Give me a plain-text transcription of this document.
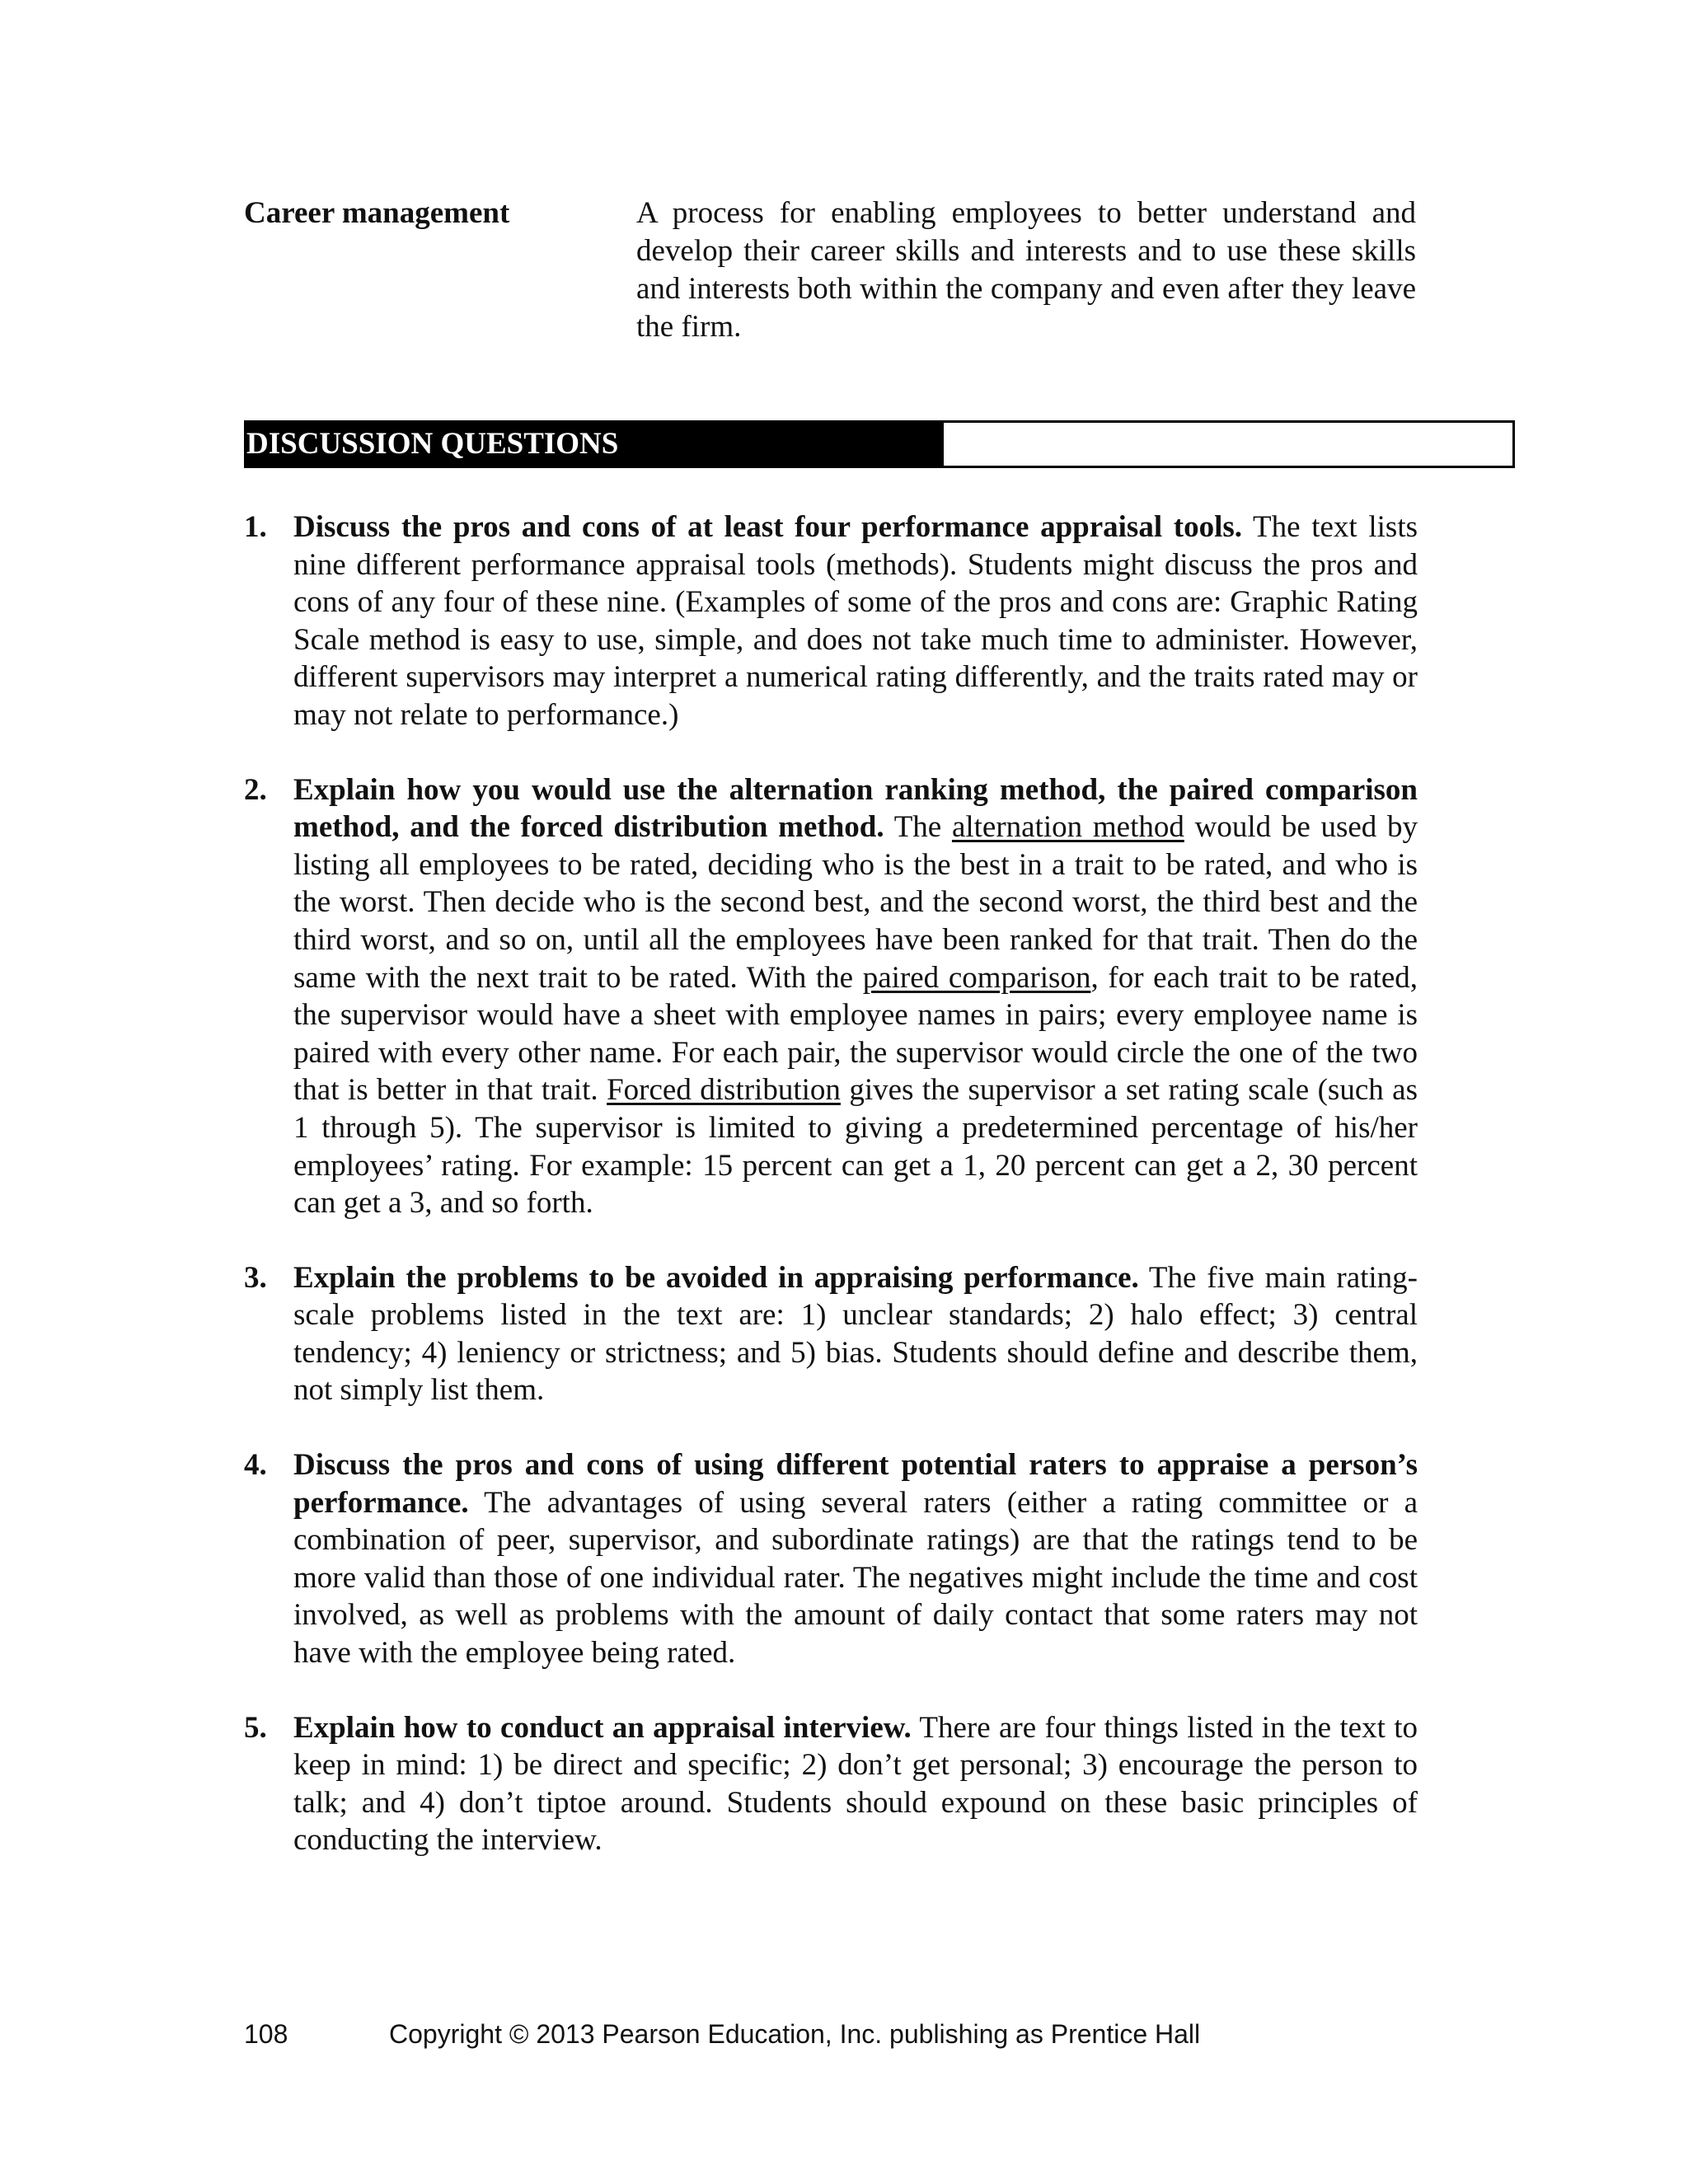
Career management	A process for enabling employees to better understand and develop their career skills and interests and to use these skills and interests both within the company and even after they leave the firm.
DISCUSSION QUESTIONS
1. Discuss the pros and cons of at least four performance appraisal tools. The text lists nine different performance appraisal tools (methods). Students might discuss the pros and cons of any four of these nine. (Examples of some of the pros and cons are: Graphic Rating Scale method is easy to use, simple, and does not take much time to administer. However, different supervisors may interpret a numerical rating differently, and the traits rated may or may not relate to performance.)
2. Explain how you would use the alternation ranking method, the paired comparison method, and the forced distribution method. The alternation method would be used by listing all employees to be rated, deciding who is the best in a trait to be rated, and who is the worst. Then decide who is the second best, and the second worst, the third best and the third worst, and so on, until all the employees have been ranked for that trait. Then do the same with the next trait to be rated. With the paired comparison, for each trait to be rated, the supervisor would have a sheet with employee names in pairs; every employee name is paired with every other name. For each pair, the supervisor would circle the one of the two that is better in that trait. Forced distribution gives the supervisor a set rating scale (such as 1 through 5). The supervisor is limited to giving a predetermined percentage of his/her employees’ rating. For example: 15 percent can get a 1, 20 percent can get a 2, 30 percent can get a 3, and so forth.
3. Explain the problems to be avoided in appraising performance. The five main rating-scale problems listed in the text are: 1) unclear standards; 2) halo effect; 3) central tendency; 4) leniency or strictness; and 5) bias. Students should define and describe them, not simply list them.
4. Discuss the pros and cons of using different potential raters to appraise a person’s performance. The advantages of using several raters (either a rating committee or a combination of peer, supervisor, and subordinate ratings) are that the ratings tend to be more valid than those of one individual rater. The negatives might include the time and cost involved, as well as problems with the amount of daily contact that some raters may not have with the employee being rated.
5. Explain how to conduct an appraisal interview. There are four things listed in the text to keep in mind: 1) be direct and specific; 2) don’t get personal; 3) encourage the person to talk; and 4) don’t tiptoe around. Students should expound on these basic principles of conducting the interview.
108	Copyright © 2013 Pearson Education, Inc. publishing as Prentice Hall
